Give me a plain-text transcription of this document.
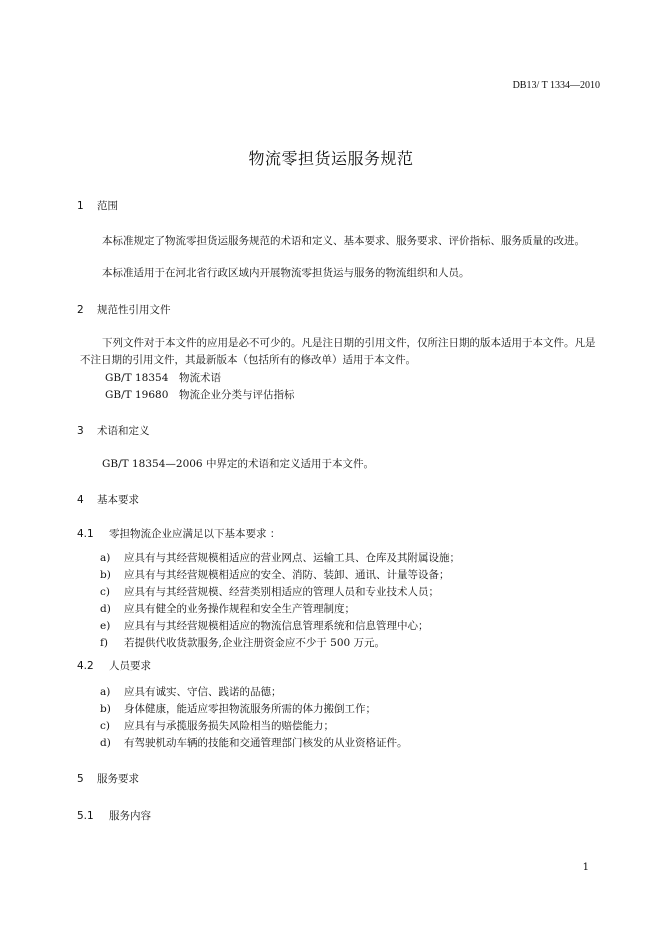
DB13/ T 1334—2010
物流零担货运服务规范
1 范围
本标准规定了物流零担货运服务规范的术语和定义、基本要求、服务要求、评价指标、服务质量的改进。
本标准适用于在河北省行政区域内开展物流零担货运与服务的物流组织和人员。
2 规范性引用文件
下列文件对于本文件的应用是必不可少的。凡是注日期的引用文件，仅所注日期的版本适用于本文件。凡是不注日期的引用文件，其最新版本（包括所有的修改单）适用于本文件。
GB/T 18354 物流术语
GB/T 19680 物流企业分类与评估指标
3 术语和定义
GB/T 18354—2006 中界定的术语和定义适用于本文件。
4 基本要求
4.1 零担物流企业应满足以下基本要求 ：
a) 应具有与其经营规模相适应的营业网点、运输工具、仓库及其附属设施；
b) 应具有与其经营规模相适应的安全、消防、装卸、通讯、计量等设备；
c) 应具有与其经营规模、经营类别相适应的管理人员和专业技术人员；
d) 应具有健全的业务操作规程和安全生产管理制度；
e) 应具有与其经营规模相适应的物流信息管理系统和信息管理中心；
f) 若提供代收货款服务,企业注册资金应不少于 500 万元。
4.2 人员要求
a) 应具有诚实、守信、践诺的品德；
b) 身体健康，能适应零担物流服务所需的体力搬倒工作；
c) 应具有与承揽服务损失风险相当的赔偿能力；
d) 有驾驶机动车辆的技能和交通管理部门核发的从业资格证件。
5 服务要求
5.1 服务内容
1
